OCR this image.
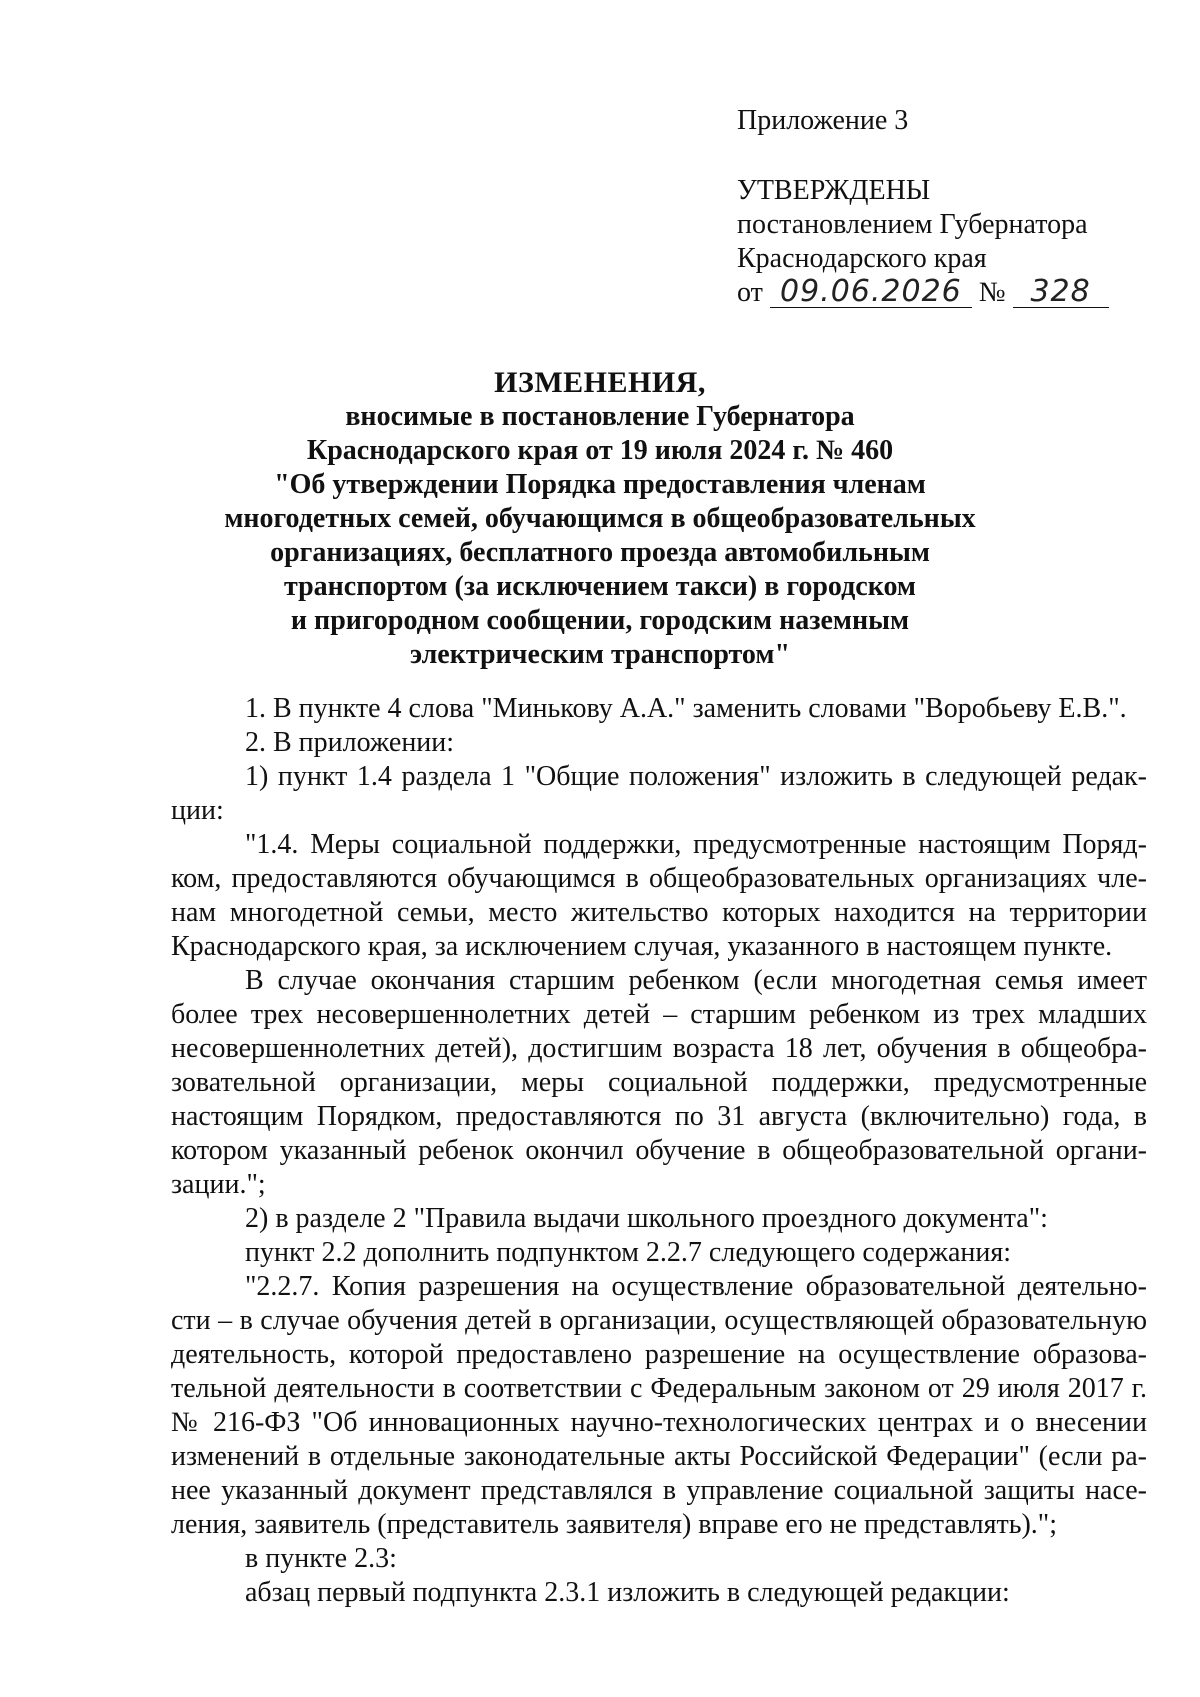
Приложение 3
УТВЕРЖДЕНЫ
постановлением Губернатора
Краснодарского края
от 09.06.2026 № 328
ИЗМЕНЕНИЯ,
вносимые в постановление Губернатора
Краснодарского края от 19 июля 2024 г. № 460
"Об утверждении Порядка предоставления членам
многодетных семей, обучающимся в общеобразовательных
организациях, бесплатного проезда автомобильным
транспортом (за исключением такси) в городском
и пригородном сообщении, городским наземным
электрическим транспортом"
1. В пункте 4 слова "Минькову А.А." заменить словами "Воробьеву Е.В.".
2. В приложении:
1) пункт 1.4 раздела 1 "Общие положения" изложить в следующей редак-
ции:
"1.4. Меры социальной поддержки, предусмотренные настоящим Поряд-
ком, предоставляются обучающимся в общеобразовательных организациях чле-
нам многодетной семьи, место жительство которых находится на территории
Краснодарского края, за исключением случая, указанного в настоящем пункте.
В случае окончания старшим ребенком (если многодетная семья имеет
более трех несовершеннолетних детей – старшим ребенком из трех младших
несовершеннолетних детей), достигшим возраста 18 лет, обучения в общеобра-
зовательной организации, меры социальной поддержки, предусмотренные
настоящим Порядком, предоставляются по 31 августа (включительно) года, в
котором указанный ребенок окончил обучение в общеобразовательной органи-
зации.";
2) в разделе 2 "Правила выдачи школьного проездного документа":
пункт 2.2 дополнить подпунктом 2.2.7 следующего содержания:
"2.2.7. Копия разрешения на осуществление образовательной деятельно-
сти – в случае обучения детей в организации, осуществляющей образовательную
деятельность, которой предоставлено разрешение на осуществление образова-
тельной деятельности в соответствии с Федеральным законом от 29 июля 2017 г.
№ 216-ФЗ "Об инновационных научно-технологических центрах и о внесении
изменений в отдельные законодательные акты Российской Федерации" (если ра-
нее указанный документ представлялся в управление социальной защиты насе-
ления, заявитель (представитель заявителя) вправе его не представлять).";
в пункте 2.3:
абзац первый подпункта 2.3.1 изложить в следующей редакции:
